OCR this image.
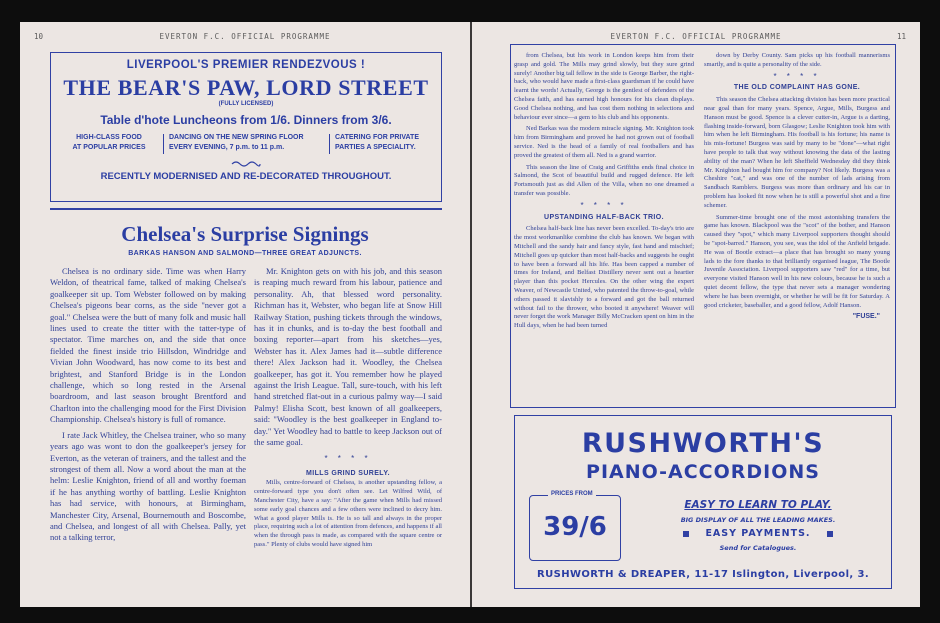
10	EVERTON F.C. OFFICIAL PROGRAMME
LIVERPOOL'S PREMIER RENDEZVOUS !
THE BEAR'S PAW, LORD STREET
(FULLY LICENSED)
Table d'hote Luncheons from 1/6. Dinners from 3/6.
HIGH-CLASS FOOD
AT POPULAR PRICES
DANCING ON THE NEW SPRING FLOOR
EVERY EVENING, 7 p.m. to 11 p.m.
CATERING FOR PRIVATE
PARTIES A SPECIALITY.
RECENTLY MODERNISED AND RE-DECORATED THROUGHOUT.
Chelsea's Surprise Signings
BARKAS HANSON AND SALMOND—THREE GREAT ADJUNCTS.

Chelsea is no ordinary side. Time was when Harry Weldon, of theatrical fame, talked of making Chelsea's goalkeeper sit up. Tom Webster followed on by making Chelsea's pigeons bear corns, as the side "never got a goal." Chelsea were the butt of many folk and music hall lines used to create the titter with the tatter-type of spectator. Time marches on, and the side that once fielded the finest inside trio Hillsdon, Windridge and Vivian John Woodward, has now come to its best and brightest, and Stanford Bridge is in the London challenge, which so long rested in the Arsenal boardroom, and last season brought Brentford and Charlton into the challenging mood for the First Division Championship. Chelsea's history is full of romance.

I rate Jack Whitley, the Chelsea trainer, who so many years ago was wont to don the goalkeeper's jersey for Everton, as the veteran of trainers, and the tallest and the strongest of them all. Now a word about the man at the helm: Leslie Knighton, friend of all and worthy foeman if he has anything worthy of battling. Leslie Knighton has had service, with honours, at Birmingham, Manchester City, Arsenal, Bournemouth and Boscombe, and Chelsea, and longest of all with Chelsea. Pally, yet not a talking terror,

Mr. Knighton gets on with his job, and this season is reaping much reward from his labour, patience and personality. Ah, that blessed word personality. Richman has it, Webster, who began life at Snow Hill Railway Station, pushing tickets through the windows, has it in chunks, and is to-day the best football and boxing reporter—apart from his sketches—yes, Webster has it. Alex James had it—subtle difference there! Alex Jackson had it. Woodley, the Chelsea goalkeeper, has got it. You remember how he played against the Irish League. Tall, sure-touch, with his left hand stretched flat-out in a curious palmy way—I said Palmy! Elisha Scott, best known of all goalkeepers, said: "Woodley is the best goalkeeper in England to-day." Yet Woodley had to battle to keep Jackson out of the same goal.

* * * *

MILLS GRIND SURELY.

Mills, centre-forward of Chelsea, is another upstanding fellow, a centre-forward type you don't often see. Let Wilfred Wild, of Manchester City, have a say: "After the game when Mills had missed some early goal chances and a few others were inclined to decry him. What a good player Mills is. He is so tall and always in the proper place, requiring such a lot of attention from defences, and happens if all when the through pass is made, as compared with the square centre or pass." Plenty of clubs would have signed him

EVERTON F.C. OFFICIAL PROGRAMME	11

from Chelsea, but his work in London keeps him from their grasp and gold. The Mills may grind slowly, but they sure grind surely! Another big tall fellow in the side is George Barber, the right-back, who would have made a first-class guardsman if he could have learnt the words! Actually, George is the gentlest of defenders of the Chelsea faith, and has earned high honours for his clean displays. Good Chelsea nothing, and has cost them nothing in selections and behaviour ever since—a gem to his club and his opponents.

Ned Barkas was the modern miracle signing. Mr. Knighton took him from Birmingham and proved he had not grown out of football service. Ned is the head of a family of real footballers and has proved the greatest of them all. Ned is a grand warrior.

This season the line of Craig and Griffiths ends final choice in Salmond, the Scot of beautiful build and rugged defence. He left Portsmouth just as did Allen of the Villa, when no one dreamed a transfer was possible.

* * * *

UPSTANDING HALF-BACK TRIO.

Chelsea half-back line has never been excelled. To-day's trio are the most workmanlike combine the club has known. We began with Mitchell and the sandy hair and fancy style, fast hand and mischief; Mitchell goes up quicker than most half-backs and suggests he ought to have been a forward all his life. Has been capped a number of times for Ireland, and Belfast Distillery never sent out a heartier player than this pocket Hercules. On the other wing the expert Weaver, of Newcastle United, who patented the throw-to-goal, while others passed it slavishly to a forward and got the ball returned without fail to the thrower, who booted it anywhere! Weaver will never forget the work Manager Billy McCracken spent on him in the Hull days, when he had been turned

down by Derby County. Sam picks up his football mannerisms smartly, and is quite a personality of the side.

* * * *

THE OLD COMPLAINT HAS GONE.

This season the Chelsea attacking division has been more practical near goal than for many years. Spence, Argue, Mills, Burgess and Hanson must be good. Spence is a clever cutter-in, Argue is a darting, flashing inside-forward, born Glasgow; Leslie Knighton took him with him when he left Birmingham. His football is his fortune; his name is his mis-fortune! Burgess was said by many to be "done"—what right have people to talk that way without knowing the data of the lasting ability of the man? When he left Sheffield Wednesday did they think Mr. Knighton had bought him for company? Not likely. Burgess was a Cheshire "cat," and was one of the number of lads arising from Sandbach Ramblers. Burgess was more than ordinary and his car in problem has looked fit now when he is still a powerful shot and a fine schemer.

Summer-time brought one of the most astonishing transfers the game has known. Blackpool was the "scot" of the bother, and Hanson caused they "spot," which many Liverpool supporters thought should be "spot-barred." Hanson, you see, was the idol of the Anfield brigade. He was of Bootle extract—a place that has brought so many young lads to the fore thanks to that brilliantly organised league, The Bootle Juvenile Association. Liverpool supporters saw "red" for a time, but everyone visited Hanson well in his new colours, because he is such a quiet decent fellow, the type that never sets a manager wondering where he has been overnight, or whether he will be fit for Saturday. A good cricketer, baseballer, and a good fellow, Adolf Hanson.

"FUSE."

RUSHWORTH'S
PIANO-ACCORDIONS
PRICES FROM
39/6
EASY TO LEARN TO PLAY.
BIG DISPLAY OF ALL THE LEADING MAKES.
EASY PAYMENTS.
Send for Catalogues.
RUSHWORTH & DREAPER, 11-17 Islington, Liverpool, 3.
